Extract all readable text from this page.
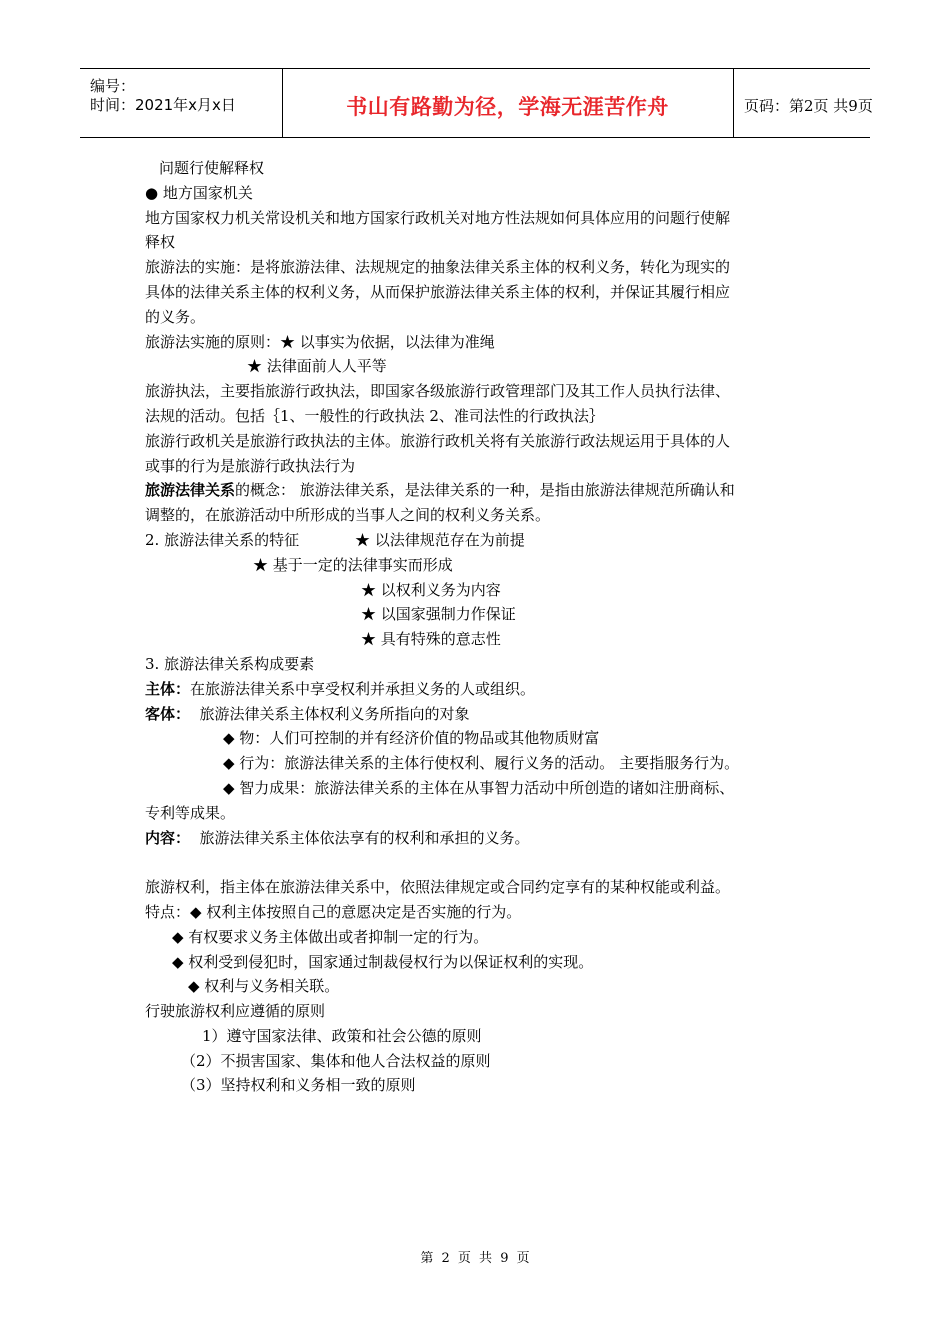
编号：
时间：2021年x月x日	书山有路勤为径，学海无涯苦作舟	页码：第2页 共9页
问题行使解释权
● 地方国家机关
地方国家权力机关常设机关和地方国家行政机关对地方性法规如何具体应用的问题行使解
释权
旅游法的实施：是将旅游法律、法规规定的抽象法律关系主体的权利义务，转化为现实的
具体的法律关系主体的权利义务，从而保护旅游法律关系主体的权利，并保证其履行相应
的义务。
旅游法实施的原则：★ 以事实为依据，以法律为准绳
★ 法律面前人人平等
旅游执法，主要指旅游行政执法，即国家各级旅游行政管理部门及其工作人员执行法律、
法规的活动。包括｛1、一般性的行政执法 2、准司法性的行政执法｝
旅游行政机关是旅游行政执法的主体。旅游行政机关将有关旅游行政法规运用于具体的人
或事的行为是旅游行政执法行为
旅游法律关系的概念： 旅游法律关系，是法律关系的一种，是指由旅游法律规范所确认和
调整的，在旅游活动中所形成的当事人之间的权利义务关系。
2. 旅游法律关系的特征	★ 以法律规范存在为前提
★ 基于一定的法律事实而形成
★ 以权利义务为内容
★ 以国家强制力作保证
★ 具有特殊的意志性
3. 旅游法律关系构成要素
主体：在旅游法律关系中享受权利并承担义务的人或组织。
客体：  旅游法律关系主体权利义务所指向的对象
◆ 物：人们可控制的并有经济价值的物品或其他物质财富
◆ 行为：旅游法律关系的主体行使权利、履行义务的活动。 主要指服务行为。
◆ 智力成果：旅游法律关系的主体在从事智力活动中所创造的诸如注册商标、
专利等成果。
内容：  旅游法律关系主体依法享有的权利和承担的义务。
旅游权利，指主体在旅游法律关系中，依照法律规定或合同约定享有的某种权能或利益。
特点：◆ 权利主体按照自己的意愿决定是否实施的行为。
◆ 有权要求义务主体做出或者抑制一定的行为。
◆ 权利受到侵犯时，国家通过制裁侵权行为以保证权利的实现。
◆ 权利与义务相关联。
行驶旅游权利应遵循的原则
1）遵守国家法律、政策和社会公德的原则
（2）不损害国家、集体和他人合法权益的原则
（3）坚持权利和义务相一致的原则
第 2 页 共 9 页
